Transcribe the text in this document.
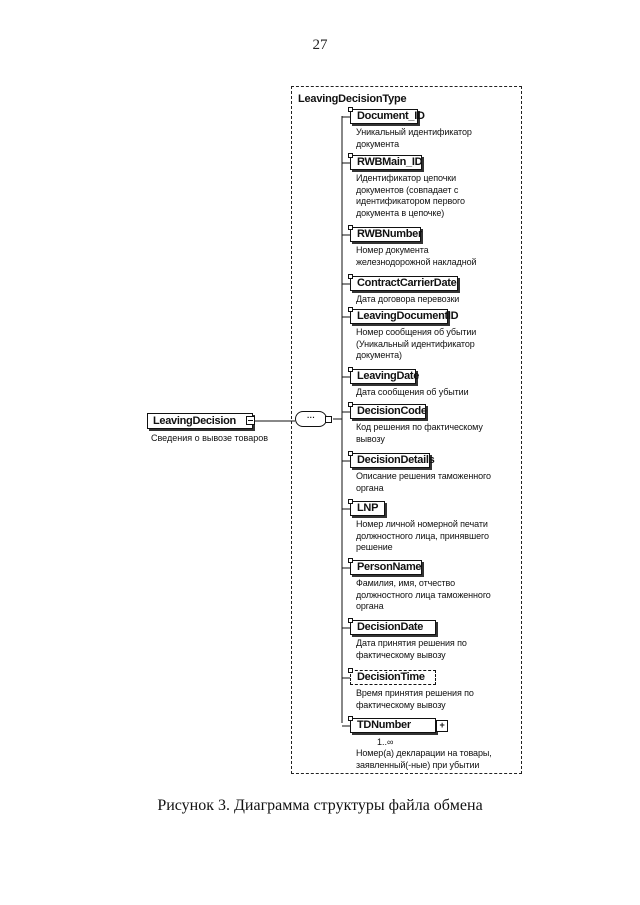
27
LeavingDecisionType
LeavingDecision
Сведения о вывозе товаров
···
Document_ID
Уникальный идентификатор
документа
RWBMain_ID
Идентификатор цепочки
документов (совпадает с
идентификатором первого
документа в цепочке)
RWBNumber
Номер документа
железнодорожной накладной
ContractCarrierDate
Дата договора перевозки
LeavingDocumentID
Номер сообщения об убытии
(Уникальный идентификатор
документа)
LeavingDate
Дата сообщения об убытии
DecisionCode
Код решения по фактическому
вывозу
DecisionDetails
Описание решения таможенного
органа
LNP
Номер личной номерной печати
должностного лица, принявшего
решение
PersonName
Фамилия, имя, отчество
должностного лица таможенного
органа
DecisionDate
Дата принятия решения по
фактическому вывозу
DecisionTime
Время принятия решения по
фактическому вывозу
TDNumber	+
1..∞
Номер(а) декларации на товары,
заявленный(-ные) при убытии
Рисунок 3. Диаграмма структуры файла обмена
